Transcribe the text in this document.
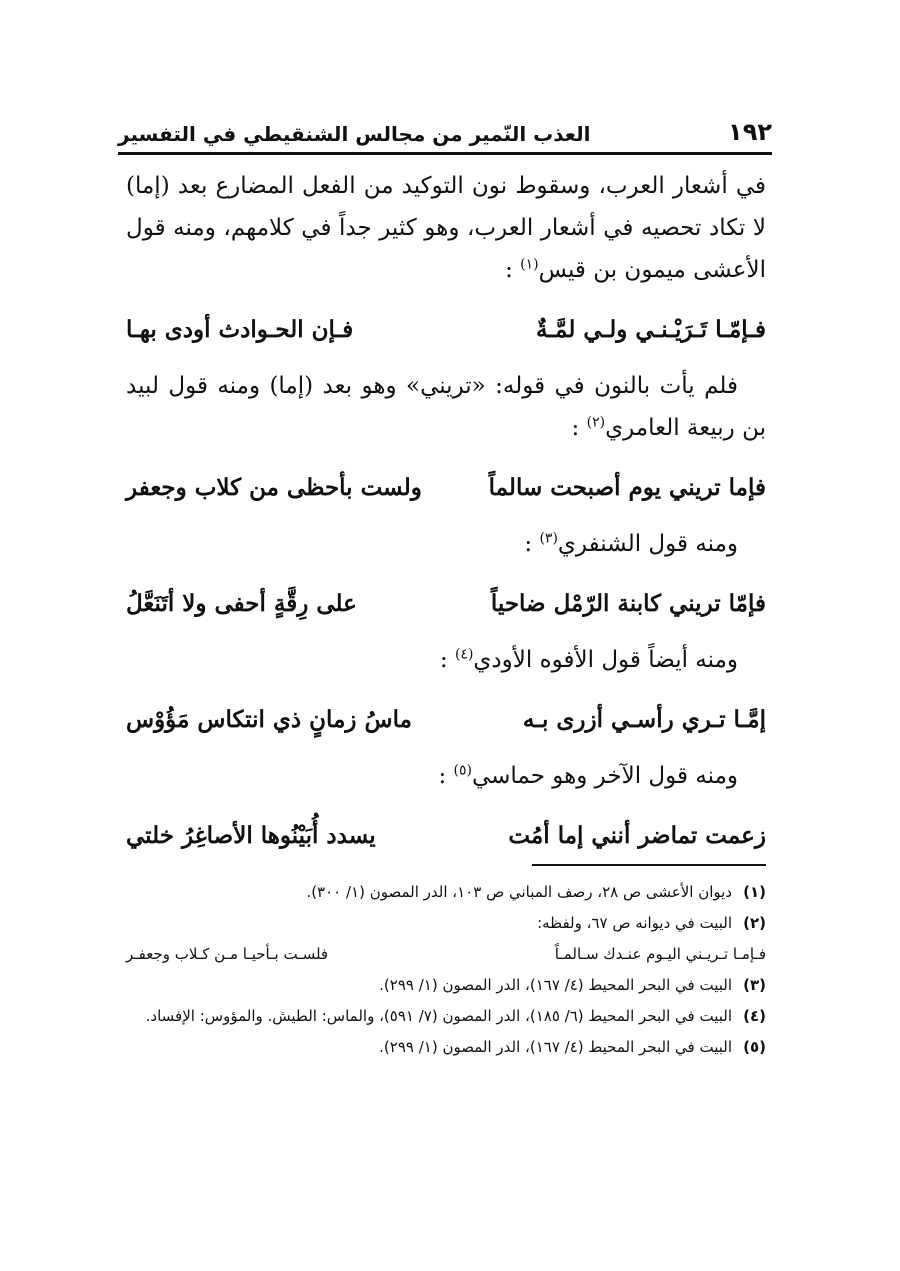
١٩٢
العذب النّمير من مجالس الشنقيطي في التفسير

في أشعار العرب، وسقوط نون التوكيد من الفعل المضارع بعد (إما) لا تكاد تحصيه في أشعار العرب، وهو كثير جداً في كلامهم، ومنه قول الأعشى ميمون بن قيس$^{(١)}$ :

فـإمّـا تَـرَيْـنـي ولـي لمَّـةٌ
فـإن الحـوادث أودى بهـا

فلم يأت بالنون في قوله: «تريني» وهو بعد (إما) ومنه قول لبيد بن ربيعة العامري$^{(٢)}$ :

فإما تريني يوم أصبحت سالماً
ولست بأحظى من كلاب وجعفر

ومنه قول الشنفري$^{(٣)}$ :

فإمّا تريني كابنة الرّمْل ضاحياً
على رِقَّةٍ أحفى ولا أتَنَعَّلُ

ومنه أيضاً قول الأفوه الأودي$^{(٤)}$ :

إمَّـا تـري رأسـي أزرى بـه
ماسُ زمانٍ ذي انتكاس مَؤُوْس

ومنه قول الآخر وهو حماسي$^{(٥)}$ :

زعمت تماضر أنني إما أمُت
يسدد أُبَيْنُوها الأصاغِرُ خلتي
(١)
ديوان الأعشى ص ٢٨، رصف المباني ص ١٠٣، الدر المصون (١/ ٣٠٠).
(٢)
البيت في ديوانه ص ٦٧، ولفظه:
فـإمـا تـريـني اليـوم عنـدك سـالمـاً
فلسـت بـأحيـا مـن كـلاب وجعفـر
(٣)
البيت في البحر المحيط (٤/ ١٦٧)، الدر المصون (١/ ٢٩٩).
(٤)
البيت في البحر المحيط (٦/ ١٨٥)، الدر المصون (٧/ ٥٩١)، والماس: الطيش. والمؤوس: الإفساد.
(٥)
البيت في البحر المحيط (٤/ ١٦٧)، الدر المصون (١/ ٢٩٩).
